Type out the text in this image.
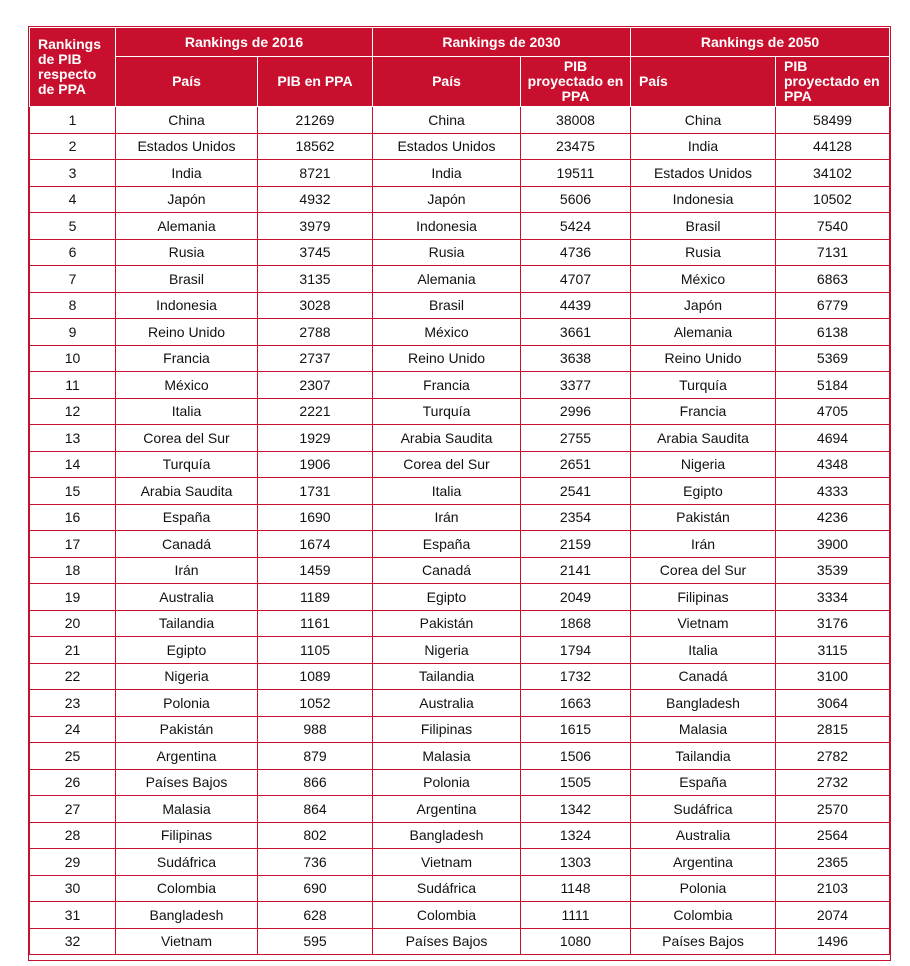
Rankings de PIB respecto de PPA	Rankings de 2016		Rankings de 2030		Rankings de 2050	
	País	PIB en PPA	País	PIB proyectado en PPA	País	PIB proyectado en PPA
1	China	21269	China	38008	China	58499
2	Estados Unidos	18562	Estados Unidos	23475	India	44128
3	India	8721	India	19511	Estados Unidos	34102
4	Japón	4932	Japón	5606	Indonesia	10502
5	Alemania	3979	Indonesia	5424	Brasil	7540
6	Rusia	3745	Rusia	4736	Rusia	7131
7	Brasil	3135	Alemania	4707	México	6863
8	Indonesia	3028	Brasil	4439	Japón	6779
9	Reino Unido	2788	México	3661	Alemania	6138
10	Francia	2737	Reino Unido	3638	Reino Unido	5369
11	México	2307	Francia	3377	Turquía	5184
12	Italia	2221	Turquía	2996	Francia	4705
13	Corea del Sur	1929	Arabia Saudita	2755	Arabia Saudita	4694
14	Turquía	1906	Corea del Sur	2651	Nigeria	4348
15	Arabia Saudita	1731	Italia	2541	Egipto	4333
16	España	1690	Irán	2354	Pakistán	4236
17	Canadá	1674	España	2159	Irán	3900
18	Irán	1459	Canadá	2141	Corea del Sur	3539
19	Australia	1189	Egipto	2049	Filipinas	3334
20	Tailandia	1161	Pakistán	1868	Vietnam	3176
21	Egipto	1105	Nigeria	1794	Italia	3115
22	Nigeria	1089	Tailandia	1732	Canadá	3100
23	Polonia	1052	Australia	1663	Bangladesh	3064
24	Pakistán	988	Filipinas	1615	Malasia	2815
25	Argentina	879	Malasia	1506	Tailandia	2782
26	Países Bajos	866	Polonia	1505	España	2732
27	Malasia	864	Argentina	1342	Sudáfrica	2570
28	Filipinas	802	Bangladesh	1324	Australia	2564
29	Sudáfrica	736	Vietnam	1303	Argentina	2365
30	Colombia	690	Sudáfrica	1148	Polonia	2103
31	Bangladesh	628	Colombia	1111	Colombia	2074
32	Vietnam	595	Países Bajos	1080	Países Bajos	1496
